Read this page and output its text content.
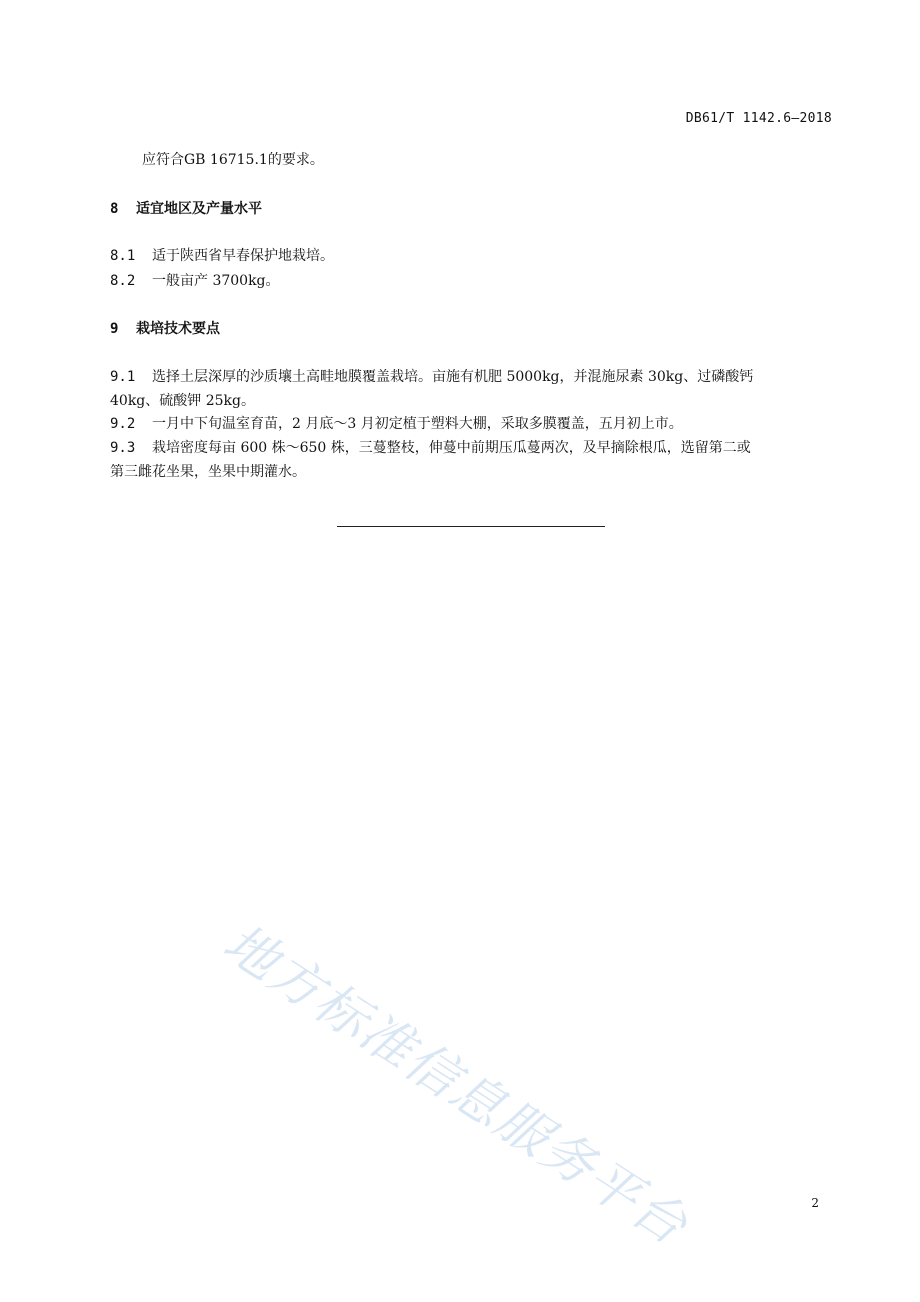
DB61/T 1142.6—2018
应符合GB 16715.1的要求。
8 适宜地区及产量水平
8.1 适于陕西省早春保护地栽培。
8.2 一般亩产 3700kg。
9 栽培技术要点
9.1 选择土层深厚的沙质壤土高畦地膜覆盖栽培。亩施有机肥 5000kg，并混施尿素 30kg、过磷酸钙
40kg、硫酸钾 25kg。
9.2 一月中下旬温室育苗，2 月底～3 月初定植于塑料大棚，采取多膜覆盖，五月初上市。
9.3 栽培密度每亩 600 株～650 株，三蔓整枝，伸蔓中前期压瓜蔓两次，及早摘除根瓜，选留第二或
第三雌花坐果，坐果中期灌水。
地方标准信息服务平台	2
